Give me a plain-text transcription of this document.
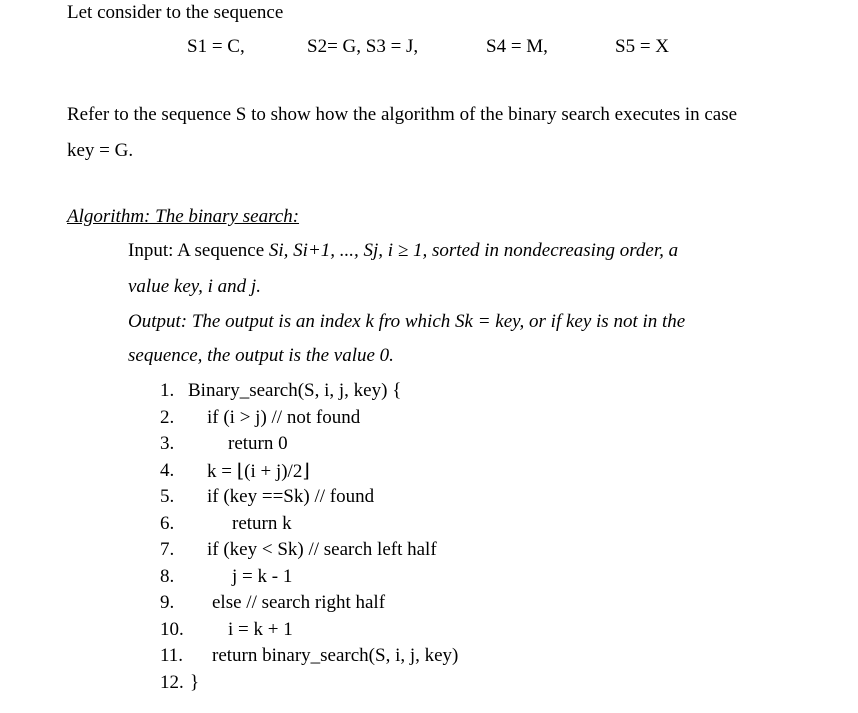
Let consider to the sequence
S1 = C,	S2= G, S3 = J,	S4 = M,	S5 = X
Refer to the sequence S to show how the algorithm of the binary search executes in case
key = G.
Algorithm: The binary search:
Input: A sequence Si, Si+1, ..., Sj, i ≥ 1, sorted in nondecreasing order, a
value key, i and j.
Output: The output is an index k fro which Sk = key, or if key is not in the
sequence, the output is the value 0.
1. Binary_search(S, i, j, key) {
2. if (i > j) // not found
3.	return 0
4. k = ⌊(i + j)/2⌋
5. if (key ==Sk) // found
6.	return k
7. if (key < Sk) // search left half
8.	j = k - 1
9. else // search right half
10. i = k + 1
11. return binary_search(S, i, j, key)
12. }
